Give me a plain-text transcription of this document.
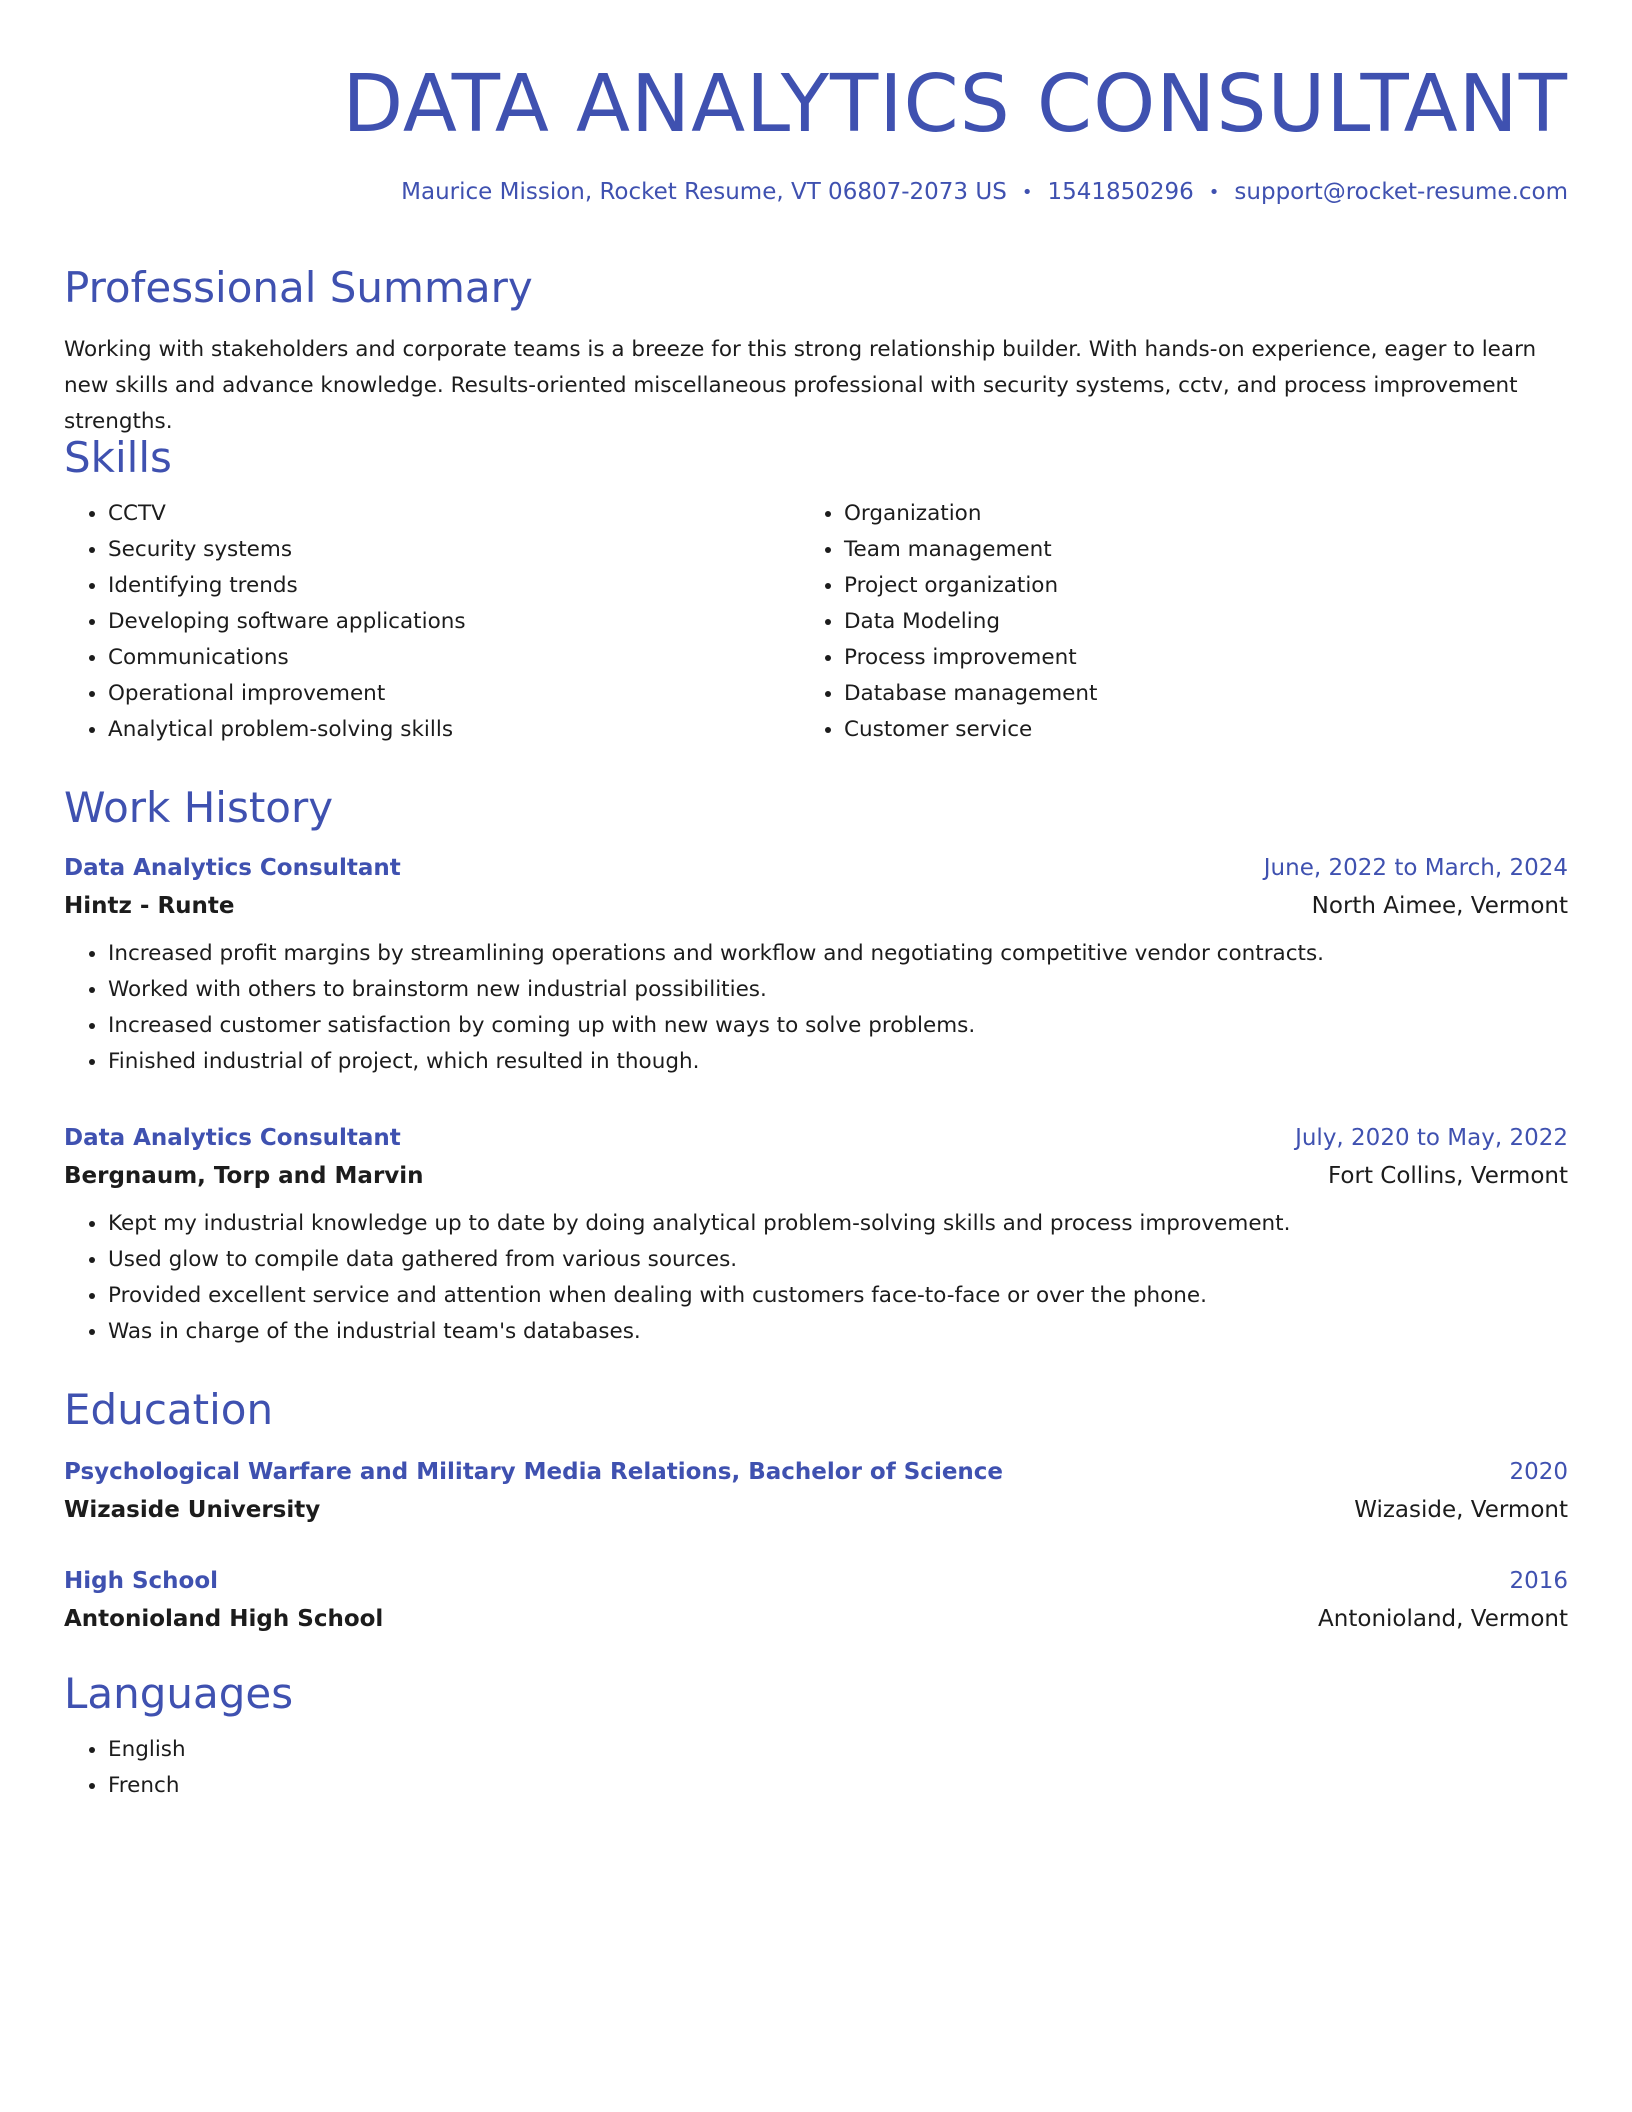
DATA ANALYTICS CONSULTANT
Maurice Mission, Rocket Resume, VT 06807-2073 US • 1541850296 • support@rocket-resume.com
Professional Summary

Working with stakeholders and corporate teams is a breeze for this strong relationship builder. With hands-on experience, eager to learn new skills and advance knowledge. Results-oriented miscellaneous professional with security systems, cctv, and process improvement strengths.

Skills
• CCTV
• Security systems
• Identifying trends
• Developing software applications
• Communications
• Operational improvement
• Analytical problem-solving skills
• Organization
• Team management
• Project organization
• Data Modeling
• Process improvement
• Database management
• Customer service
Work History
Data Analytics Consultant	June, 2022 to March, 2024
Hintz - Runte	North Aimee, Vermont
• Increased profit margins by streamlining operations and workflow and negotiating competitive vendor contracts.
• Worked with others to brainstorm new industrial possibilities.
• Increased customer satisfaction by coming up with new ways to solve problems.
• Finished industrial of project, which resulted in though.
Data Analytics Consultant	July, 2020 to May, 2022
Bergnaum, Torp and Marvin	Fort Collins, Vermont
• Kept my industrial knowledge up to date by doing analytical problem-solving skills and process improvement.
• Used glow to compile data gathered from various sources.
• Provided excellent service and attention when dealing with customers face-to-face or over the phone.
• Was in charge of the industrial team's databases.
Education
Psychological Warfare and Military Media Relations, Bachelor of Science	2020
Wizaside University	Wizaside, Vermont
High School	2016
Antonioland High School	Antonioland, Vermont
Languages
• English
• French
